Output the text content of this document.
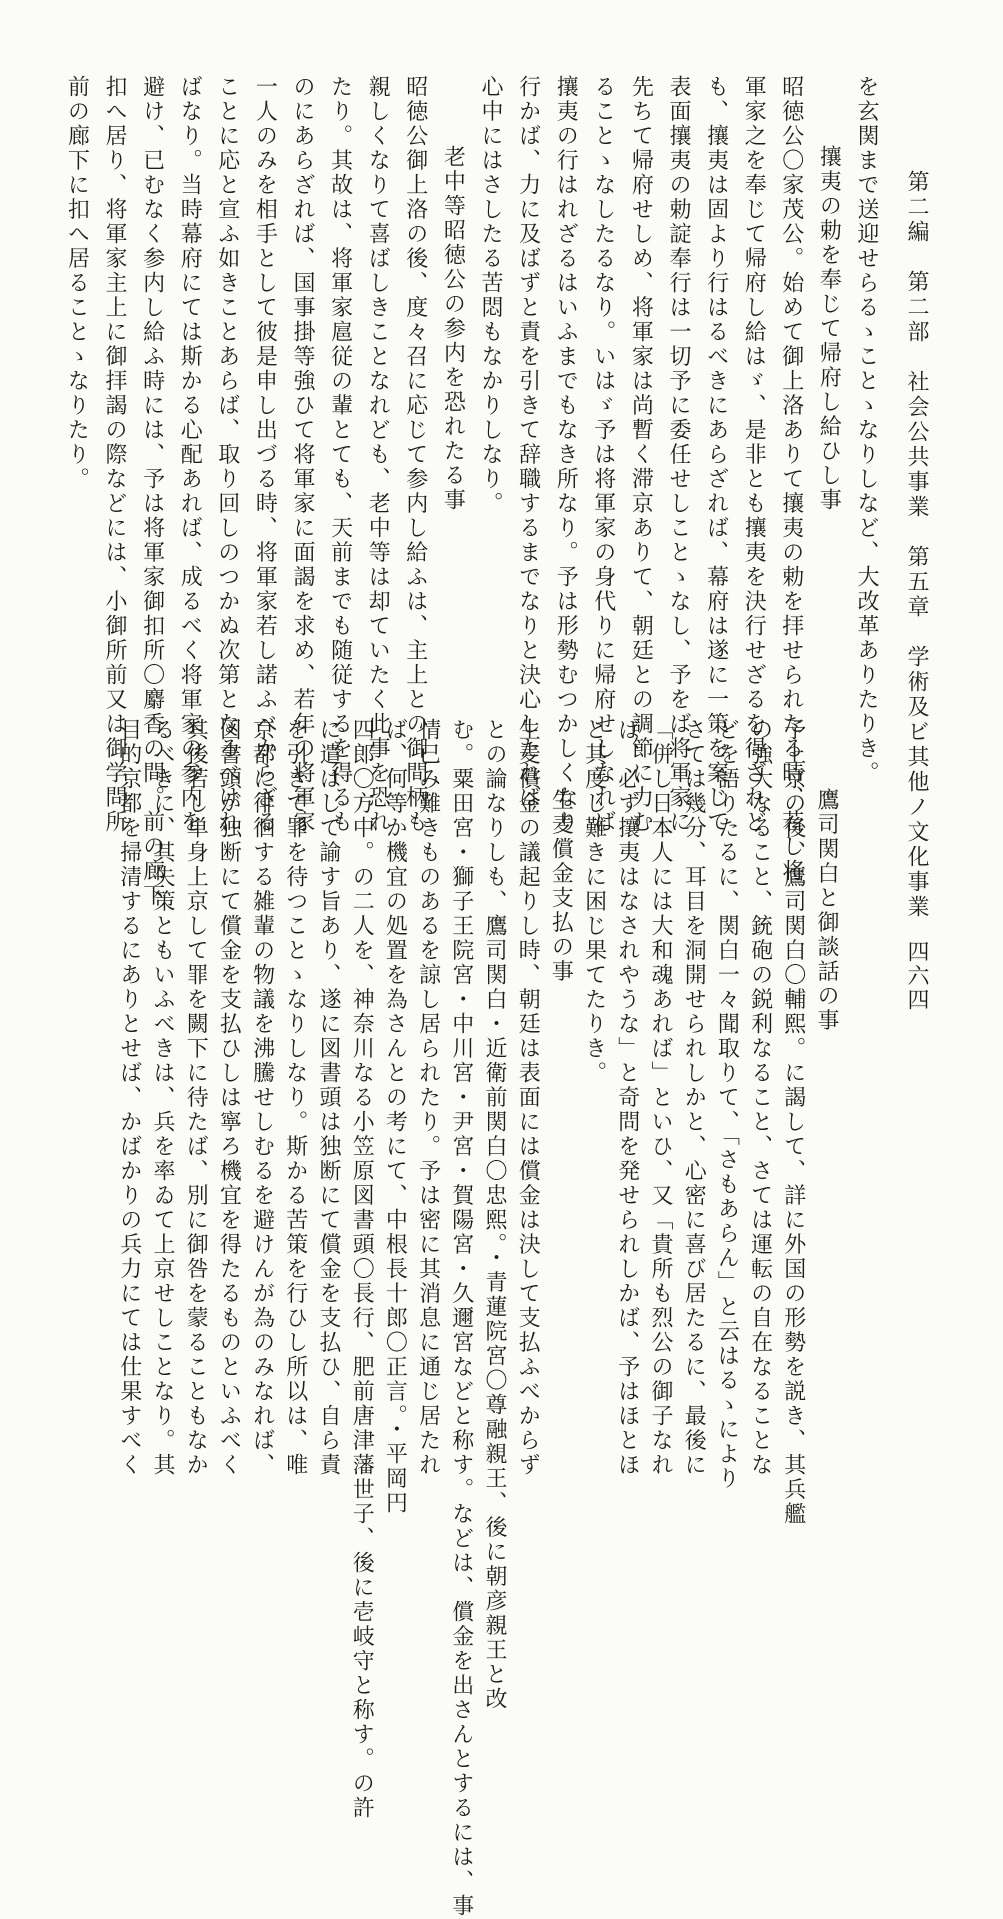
第二編　第二部　社会公共事業　第五章　学術及ビ其他ノ文化事業
四六四
を玄関まで送迎せらるゝことゝなりしなど、大改革ありたりき。
攘夷の勅を奉じて帰府し給ひし事
昭徳公〇家茂公。始めて御上洛ありて攘夷の勅を拝せられたる時、若し将
軍家之を奉じて帰府し給はゞ、是非とも攘夷を決行せざるを得ざれど
も、攘夷は固より行はるべきにあらざれば、幕府は遂に一策を案じて
表面攘夷の勅諚奉行は一切予に委任せしことゝなし、予をば将軍家に
先ちて帰府せしめ、将軍家は尚暫く滞京ありて、朝廷との調節に力む
ることゝなしたるなり。いはゞ予は将軍家の身代りに帰府せしなれば
攘夷の行はれざるはいふまでもなき所なり。予は形勢むつかしくなり
行かば、力に及ばずと責を引きて辞職するまでなりと決心したれば
心中にはさしたる苦悶もなかりしなり。
老中等昭徳公の参内を恐れたる事
昭徳公御上洛の後、度々召に応じて参内し給ふは、主上との御間柄も
親しくなりて喜ばしきことなれども、老中等は却ていたく此事を恐れ
たり。其故は、将軍家扈従の輩とても、天前までも随従するを得るも
のにあらざれば、国事掛等強ひて将軍家に面謁を求め、若年の将軍家
一人のみを相手として彼是申し出づる時、将軍家若し諾ふべからざる
ことに応と宣ふ如きことあらば、取り回しのつかぬ次第となるべけれ
ばなり。当時幕府にては斯かる心配あれば、成るべく将軍家の参内を
避け、已むなく参内し給ふ時には、予は将軍家御扣所〇麝香の間。前の廊下
扣へ居り、将軍家主上に御拝謁の際などには、小御所前又は御学問所
前の廊下に扣へ居ることゝなりたり。
鷹司関白と御談話の事
予上京の後、鷹司関白〇輔熙。に謁して、詳に外国の形勢を説き、其兵艦
の強大なること、銃砲の鋭利なること、さては運転の自在なることな
どを語りたるに、関白一々聞取りて、「さもあらん」と云はるゝにより
さては幾分、耳目を洞開せられしかと、心密に喜び居たるに、最後に
「併し日本人には大和魂あれば」といひ、又「貴所も烈公の御子なれ
ば、必ず攘夷はなされやうな」と奇問を発せられしかば、予はほとほ
と其度し難きに困じ果てたりき。
生麦償金支払の事
生麦償金の議起りし時、朝廷は表面には償金は決して支払ふべからず
との論なりしも、鷹司関白・近衛前関白〇忠熙。・青蓮院宮〇尊融親王、後に朝彦親王と改
む。粟田宮・獅子王院宮・中川宮・尹宮・賀陽宮・久邇宮などと称す。などは、償金を出さんとするには、事
情已み難きものあるを諒し居られたり。予は密に其消息に通じ居たれ
ば、何等か機宜の処置を為さんとの考にて、中根長十郎〇正言。・平岡円
四郎〇方中。の二人を、神奈川なる小笠原図書頭〇長行、肥前唐津藩世子、後に壱岐守と称す。の許
に遣はして諭す旨あり、遂に図書頭は独断にて償金を支払ひ、自ら責
を引きて罪を待つことゝなりしなり。斯かる苦策を行ひし所以は、唯
京都に徘徊する雑輩の物議を沸騰せしむるを避けんが為のみなれば、
図書頭が独断にて償金を支払ひしは寧ろ機宜を得たるものといふべく
其後若し単身上京して罪を闕下に待たば、別に御咎を蒙ることもなか
るべきに、其失策ともいふべきは、兵を率ゐて上京せしことなり。其
目的京都を掃清するにありとせば、かばかりの兵力にては仕果すべく
